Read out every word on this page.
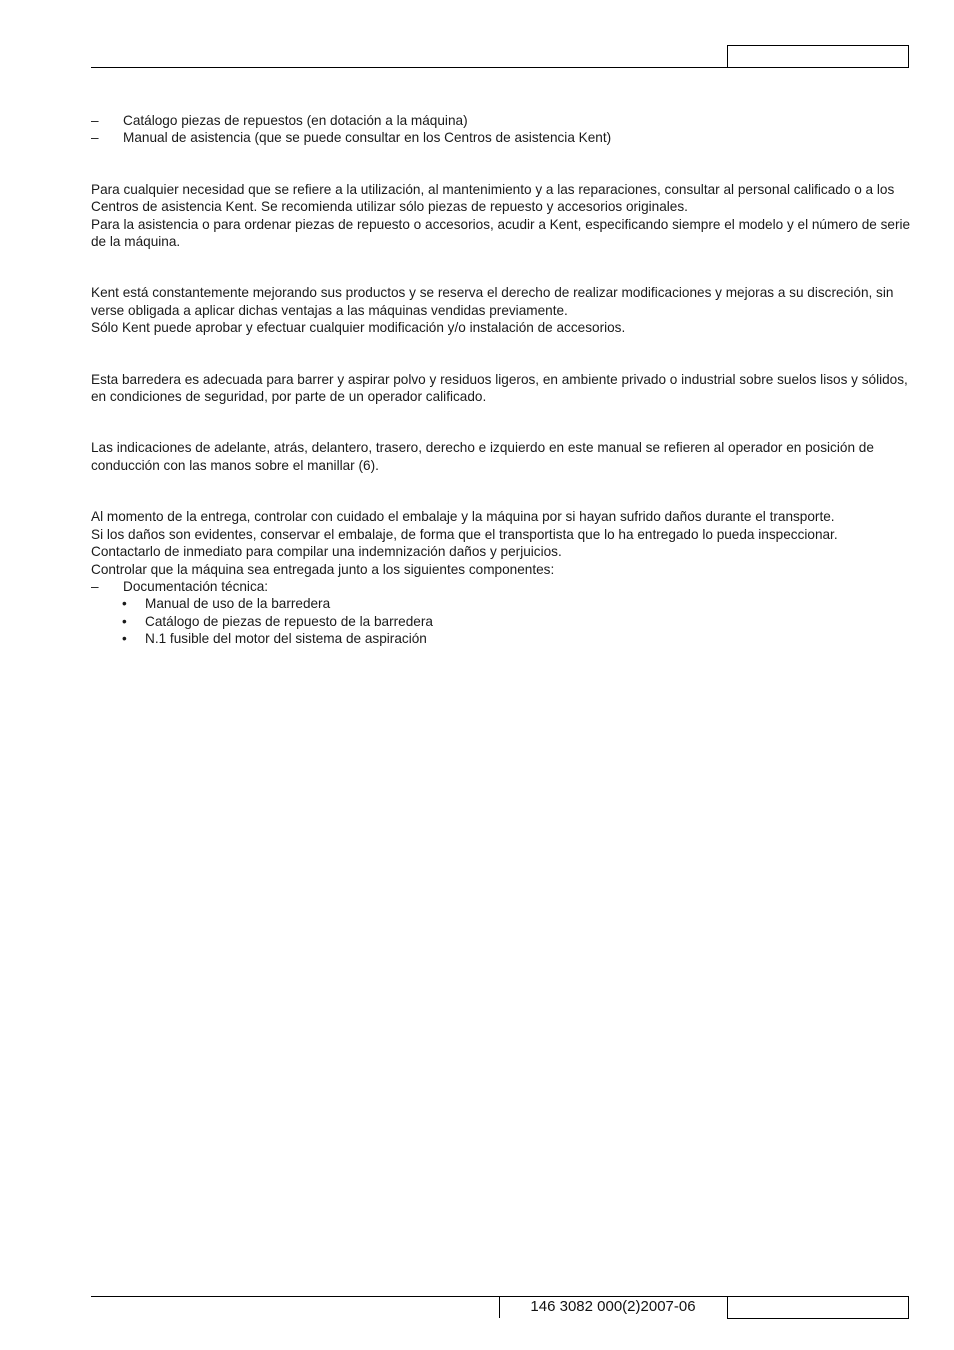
– Catálogo piezas de repuestos (en dotación a la máquina)
– Manual de asistencia (que se puede consultar en los Centros de asistencia Kent)

Para cualquier necesidad que se refiere a la utilización, al mantenimiento y a las reparaciones, consultar al personal calificado o a los Centros de asistencia Kent. Se recomienda utilizar sólo piezas de repuesto y accesorios originales.

Para la asistencia o para ordenar piezas de repuesto o accesorios, acudir a Kent, especificando siempre el modelo y el número de serie de la máquina.

Kent está constantemente mejorando sus productos y se reserva el derecho de realizar modificaciones y mejoras a su discreción, sin verse obligada a aplicar dichas ventajas a las máquinas vendidas previamente.

Sólo Kent puede aprobar y efectuar cualquier modificación y/o instalación de accesorios.

Esta barredera es adecuada para barrer y aspirar polvo y residuos ligeros, en ambiente privado o industrial sobre suelos lisos y sólidos, en condiciones de seguridad, por parte de un operador calificado.

Las indicaciones de adelante, atrás, delantero, trasero, derecho e izquierdo en este manual se refieren al operador en posición de conducción con las manos sobre el manillar (6).

Al momento de la entrega, controlar con cuidado el embalaje y la máquina por si hayan sufrido daños durante el transporte.

Si los daños son evidentes, conservar el embalaje, de forma que el transportista que lo ha entregado lo pueda inspeccionar.

Contactarlo de inmediato para compilar una indemnización daños y perjuicios.

Controlar que la máquina sea entregada junto a los siguientes componentes:

– Documentación técnica:
• Manual de uso de la barredera
• Catálogo de piezas de repuesto de la barredera
• N.1 fusible del motor del sistema de aspiración
146 3082 000(2)2007-06
